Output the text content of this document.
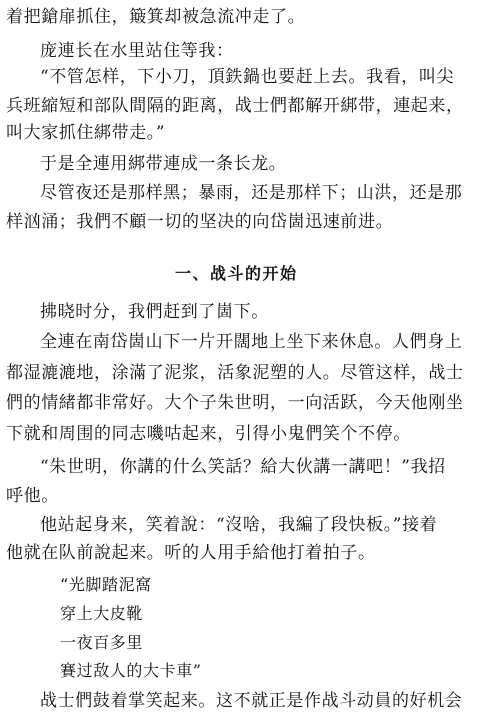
着把鎗扉抓住，簸箕却被急流冲走了。
庞連长在水里站住等我：
“不管怎样，下小刀，頂鉄鍋也要赶上去。我看，叫尖
兵班縮短和部队間隔的距离，战士們都解开綁带，連起来，
叫大家抓住綁带走。”
于是全連用綁带連成一条长龙。
尽管夜还是那样黑；暴雨，还是那样下；山洪，还是那
样汹涌；我們不顧一切的坚决的向岱崮迅速前进。
一、战斗的开始
拂晓时分，我們赶到了崮下。
全連在南岱崮山下一片开闊地上坐下来休息。人們身上
都湿漉漉地，涂滿了泥浆，活象泥塑的人。尽管这样，战士
們的情緒都非常好。大个子朱世明，一向活跃，今天他刚坐
下就和周围的同志嘰咕起来，引得小鬼們笑个不停。
“朱世明，你講的什么笑話？給大伙講一講吧！”我招
呼他。
他站起身来，笑着說：“沒啥，我編了段快板。”接着
他就在队前說起来。听的人用手給他打着拍子。
“光脚踏泥窩
穿上大皮靴
一夜百多里
賽过敌人的大卡車”
战士們鼓着掌笑起来。这不就正是作战斗动員的好机会
